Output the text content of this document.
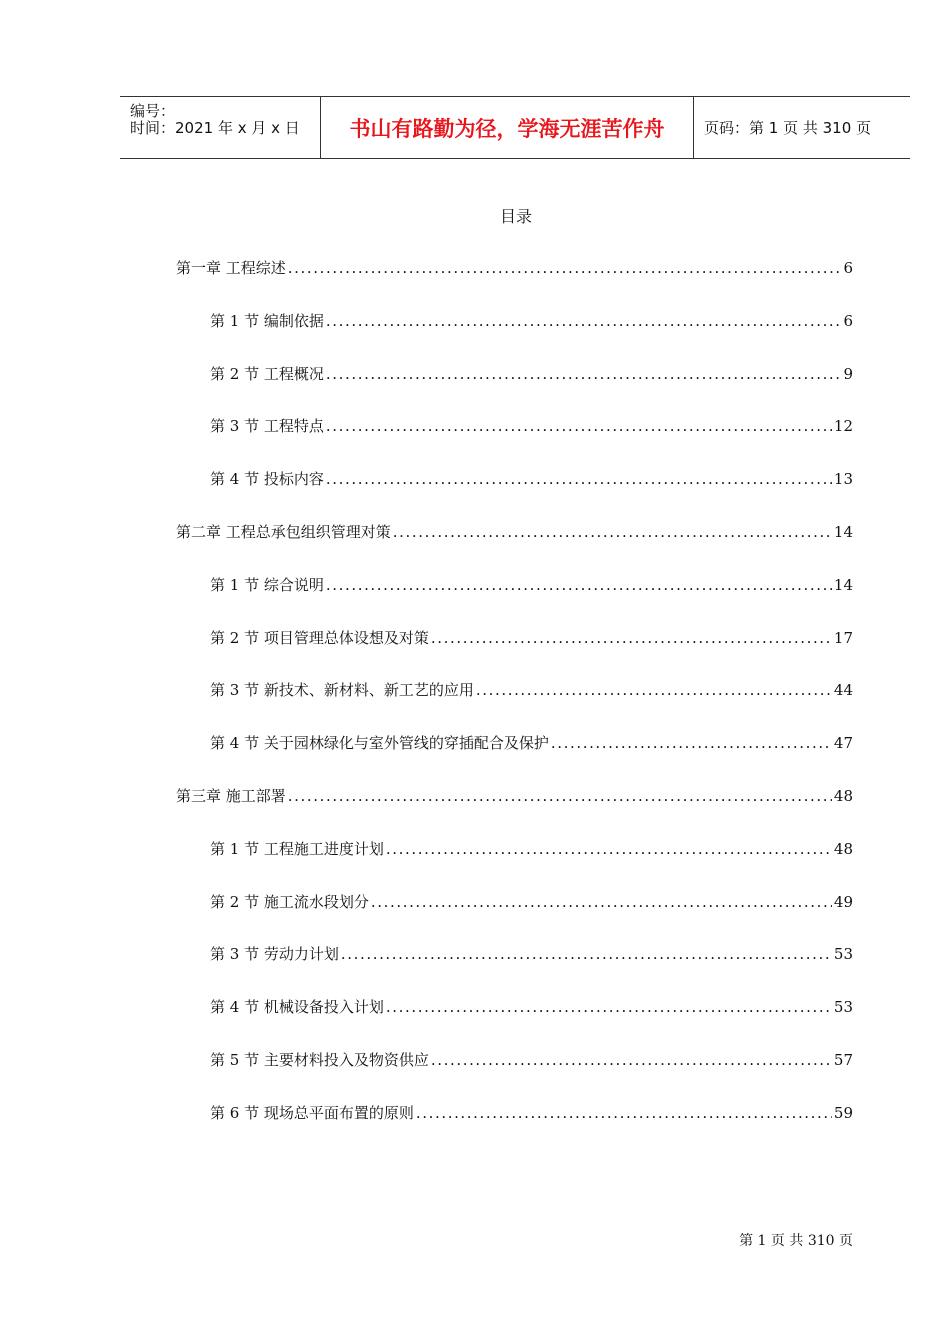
编号：
时间：2021 年 x 月 x 日	书山有路勤为径，学海无涯苦作舟	页码：第 1 页 共 310 页
目录
第一章 工程综述 .....	6
第 1 节 编制依据 .....	6
第 2 节 工程概况 .....	9
第 3 节 工程特点 .....	12
第 4 节 投标内容 .....	13
第二章 工程总承包组织管理对策 .....	14
第 1 节 综合说明 .....	14
第 2 节 项目管理总体设想及对策 .....	17
第 3 节 新技术、新材料、新工艺的应用 .....	44
第 4 节 关于园林绿化与室外管线的穿插配合及保护 .....	47
第三章 施工部署 .....	48
第 1 节 工程施工进度计划 .....	48
第 2 节 施工流水段划分 .....	49
第 3 节 劳动力计划 .....	53
第 4 节 机械设备投入计划 .....	53
第 5 节 主要材料投入及物资供应 .....	57
第 6 节 现场总平面布置的原则 .....	59
第 1 页 共 310 页
